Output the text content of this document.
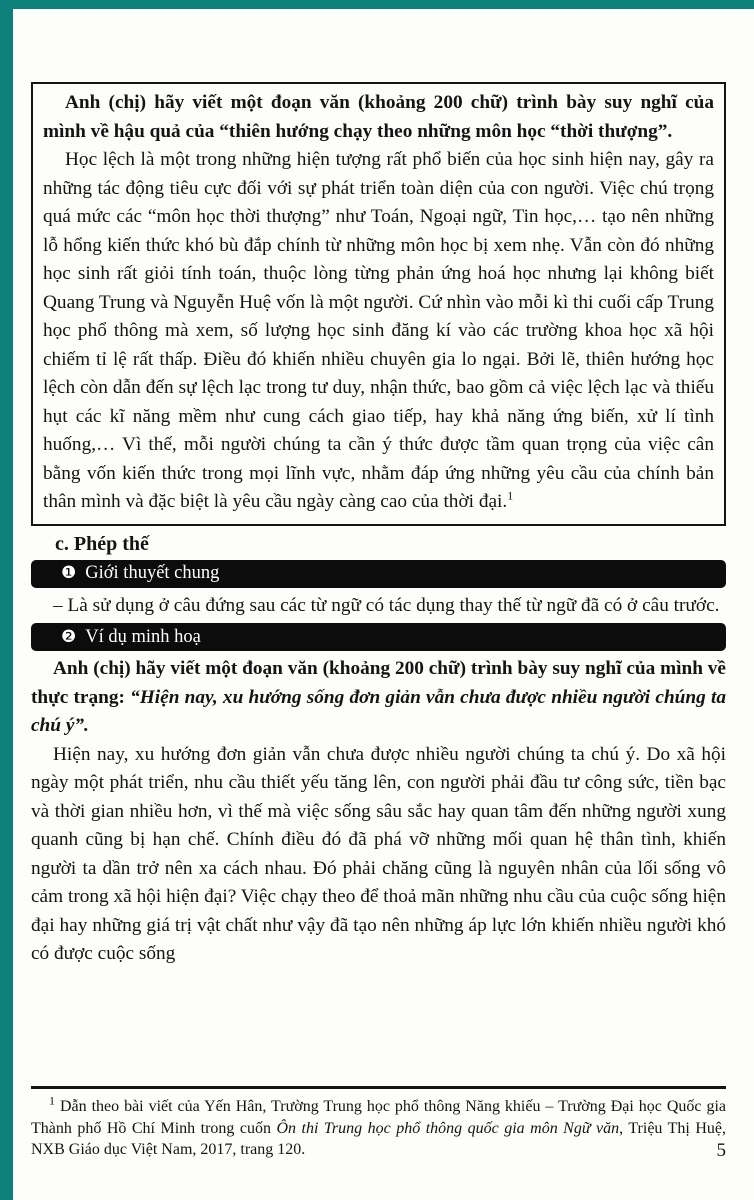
Anh (chị) hãy viết một đoạn văn (khoảng 200 chữ) trình bày suy nghĩ của mình về hậu quả của “thiên hướng chạy theo những môn học “thời thượng”.

Học lệch là một trong những hiện tượng rất phổ biến của học sinh hiện nay, gây ra những tác động tiêu cực đối với sự phát triển toàn diện của con người. Việc chú trọng quá mức các “môn học thời thượng” như Toán, Ngoại ngữ, Tin học,… tạo nên những lỗ hổng kiến thức khó bù đắp chính từ những môn học bị xem nhẹ. Vẫn còn đó những học sinh rất giỏi tính toán, thuộc lòng từng phản ứng hoá học nhưng lại không biết Quang Trung và Nguyễn Huệ vốn là một người. Cứ nhìn vào mỗi kì thi cuối cấp Trung học phổ thông mà xem, số lượng học sinh đăng kí vào các trường khoa học xã hội chiếm tỉ lệ rất thấp. Điều đó khiến nhiều chuyên gia lo ngại. Bởi lẽ, thiên hướng học lệch còn dẫn đến sự lệch lạc trong tư duy, nhận thức, bao gồm cả việc lệch lạc và thiếu hụt các kĩ năng mềm như cung cách giao tiếp, hay khả năng ứng biến, xử lí tình huống,… Vì thế, mỗi người chúng ta cần ý thức được tầm quan trọng của việc cân bằng vốn kiến thức trong mọi lĩnh vực, nhằm đáp ứng những yêu cầu của chính bản thân mình và đặc biệt là yêu cầu ngày càng cao của thời đại.$^1$

c. Phép thế
❶ Giới thuyết chung

– Là sử dụng ở câu đứng sau các từ ngữ có tác dụng thay thế từ ngữ đã có ở câu trước.

❷ Ví dụ minh hoạ

Anh (chị) hãy viết một đoạn văn (khoảng 200 chữ) trình bày suy nghĩ của mình về thực trạng: “Hiện nay, xu hướng sống đơn giản vẫn chưa được nhiều người chúng ta chú ý”.

Hiện nay, xu hướng đơn giản vẫn chưa được nhiều người chúng ta chú ý. Do xã hội ngày một phát triển, nhu cầu thiết yếu tăng lên, con người phải đầu tư công sức, tiền bạc và thời gian nhiều hơn, vì thế mà việc sống sâu sắc hay quan tâm đến những người xung quanh cũng bị hạn chế. Chính điều đó đã phá vỡ những mối quan hệ thân tình, khiến người ta dần trở nên xa cách nhau. Đó phải chăng cũng là nguyên nhân của lối sống vô cảm trong xã hội hiện đại? Việc chạy theo để thoả mãn những nhu cầu của cuộc sống hiện đại hay những giá trị vật chất như vậy đã tạo nên những áp lực lớn khiến nhiều người khó có được cuộc sống

$^1$ Dẫn theo bài viết của Yến Hân, Trường Trung học phổ thông Năng khiếu – Trường Đại học Quốc gia Thành phố Hồ Chí Minh trong cuốn Ôn thi Trung học phổ thông quốc gia môn Ngữ văn, Triệu Thị Huệ, NXB Giáo dục Việt Nam, 2017, trang 120.	5
